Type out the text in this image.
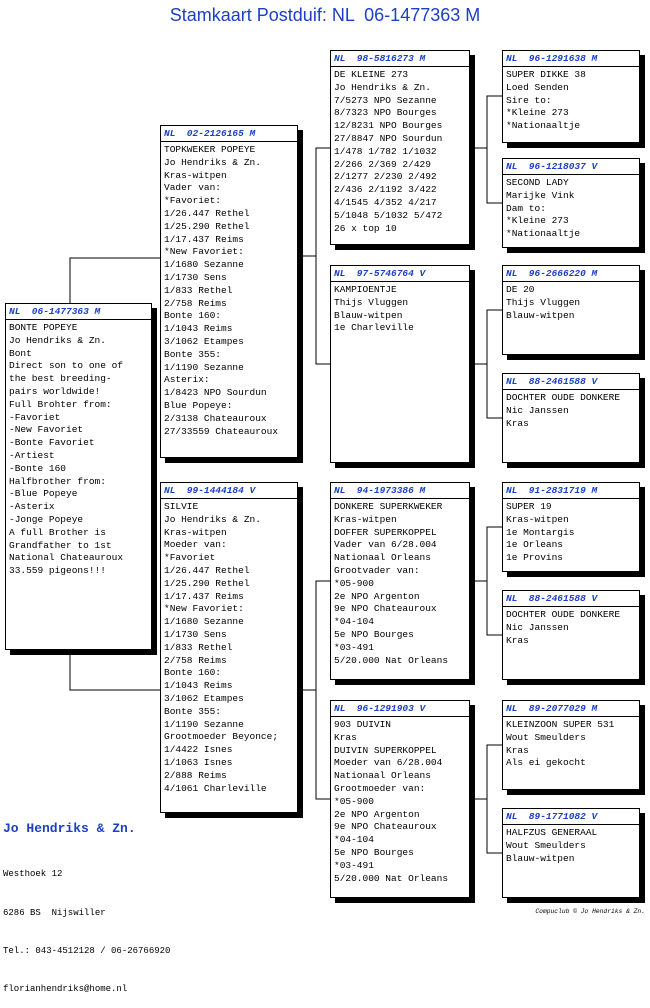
Stamkaart Postduif: NL  06-1477363 M
NL  06-1477363 M
BONTE POPEYE
Jo Hendriks & Zn.
Bont
Direct son to one of
the best breeding-
pairs worldwide!
Full Brohter from:
-Favoriet
-New Favoriet
-Bonte Favoriet
-Artiest
-Bonte 160
Halfbrother from:
-Blue Popeye
-Asterix
-Jonge Popeye
A full Brother is
Grandfather to 1st
National Chateauroux
33.559 pigeons!!!
NL  02-2126165 M
TOPKWEKER POPEYE
Jo Hendriks & Zn.
Kras-witpen
Vader van:
*Favoriet:
1/26.447 Rethel
1/25.290 Rethel
1/17.437 Reims
*New Favoriet:
1/1680 Sezanne
1/1730 Sens
1/833 Rethel
2/758 Reims
Bonte 160:
1/1043 Reims
3/1062 Etampes
Bonte 355:
1/1190 Sezanne
Asterix:
1/8423 NPO Sourdun
Blue Popeye:
2/3138 Chateauroux
27/33559 Chateauroux
NL  99-1444184 V
SILVIE
Jo Hendriks & Zn.
Kras-witpen
Moeder van:
*Favoriet
1/26.447 Rethel
1/25.290 Rethel
1/17.437 Reims
*New Favoriet:
1/1680 Sezanne
1/1730 Sens
1/833 Rethel
2/758 Reims
Bonte 160:
1/1043 Reims
3/1062 Etampes
Bonte 355:
1/1190 Sezanne
Grootmoeder Beyonce;
1/4422 Isnes
1/1063 Isnes
2/888 Reims
4/1061 Charleville
NL  98-5816273 M
DE KLEINE 273
Jo Hendriks & Zn.
7/5273 NPO Sezanne
8/7323 NPO Bourges
12/8231 NPO Bourges
27/8847 NPO Sourdun
1/478 1/782 1/1032
2/266 2/369 2/429
2/1277 2/230 2/492
2/436 2/1192 3/422
4/1545 4/352 4/217
5/1048 5/1032 5/472
26 x top 10
NL  97-5746764 V
KAMPIOENTJE
Thijs Vluggen
Blauw-witpen
1e Charleville
NL  94-1973386 M
DONKERE SUPERKWEKER
Kras-witpen
DOFFER SUPERKOPPEL
Vader van 6/28.004
Nationaal Orleans
Grootvader van:
*05-900
2e NPO Argenton
9e NPO Chateauroux
*04-104
5e NPO Bourges
*03-491
5/20.000 Nat Orleans
NL  96-1291903 V
903 DUIVIN
Kras
DUIVIN SUPERKOPPEL
Moeder van 6/28.004
Nationaal Orleans
Grootmoeder van:
*05-900
2e NPO Argenton
9e NPO Chateauroux
*04-104
5e NPO Bourges
*03-491
5/20.000 Nat Orleans
NL  96-1291638 M
SUPER DIKKE 38
Loed Senden
Sire to:
*Kleine 273
*Nationaaltje
NL  96-1218037 V
SECOND LADY
Marijke Vink
Dam to:
*Kleine 273
*Nationaaltje
NL  96-2666220 M
DE 20
Thijs Vluggen
Blauw-witpen
NL  88-2461588 V
DOCHTER OUDE DONKERE
Nic Janssen
Kras
NL  91-2831719 M
SUPER 19
Kras-witpen
1e Montargis
1e Orleans
1e Provins
NL  88-2461588 V
DOCHTER OUDE DONKERE
Nic Janssen
Kras
NL  89-2077029 M
KLEINZOON SUPER 531
Wout Smeulders
Kras
Als ei gekocht
NL  89-1771082 V
HALFZUS GENERAAL
Wout Smeulders
Blauw-witpen
Jo Hendriks & Zn.

Westhoek 12

6286 BS  Nijswiller

Tel.: 043-4512128 / 06-26766920

florianhendriks@home.nl

Compuclub © Jo Hendriks & Zn.
